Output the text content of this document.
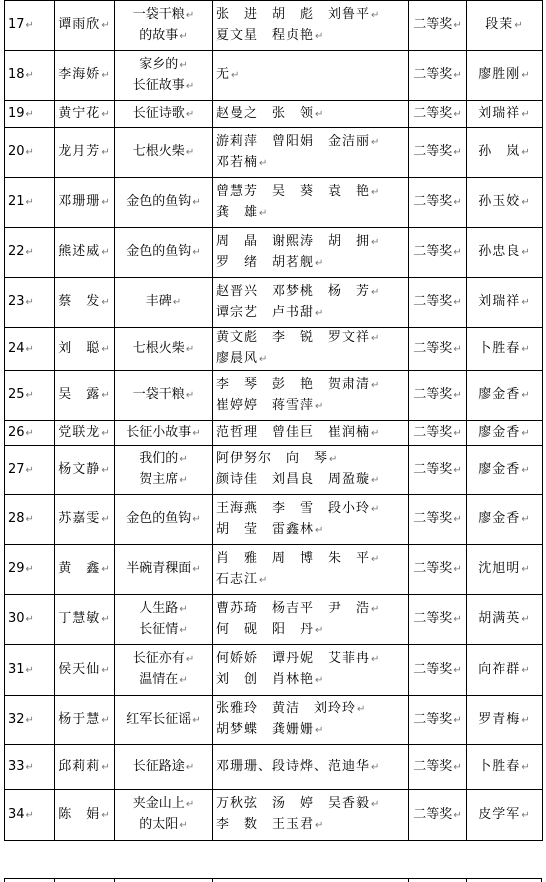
17↵	谭雨欣↵	一袋干粮↵
的故事↵	张　进　胡　彪　刘鲁平↵
夏文星　程贞艳↵	二等奖↵	段茉↵
18↵	李海娇↵	家乡的↵
长征故事↵	无↵	二等奖↵	廖胜刚↵
19↵	黄宁花↵	长征诗歌↵	赵曼之　张　领↵	二等奖↵	刘瑞祥↵
20↵	龙月芳↵	七根火柴↵	游莉萍　曾阳娟　金洁丽↵
邓若楠↵	二等奖↵	孙　岚↵
21↵	邓珊珊↵	金色的鱼钩↵	曾慧芳　吴　葵　袁　艳↵
龚　雄↵	二等奖↵	孙玉姣↵
22↵	熊述威↵	金色的鱼钩↵	周　晶　谢熙涛　胡　拥↵
罗　绪　胡茗舰↵	二等奖↵	孙忠良↵
23↵	蔡　发↵	丰碑↵	赵晋兴　邓梦桃　杨　芳↵
谭宗艺　卢书甜↵	二等奖↵	刘瑞祥↵
24↵	刘　聪↵	七根火柴↵	黄文彪　李　锐　罗文祥↵
廖晨风↵	二等奖↵	卜胜春↵
25↵	吴　露↵	一袋干粮↵	李　琴　彭　艳　贺肃清↵
崔婷婷　蒋雪萍↵	二等奖↵	廖金香↵
26↵	党联龙↵	长征小故事↵	范哲理　曾佳巨　崔润楠↵	二等奖↵	廖金香↵
27↵	杨文静↵	我们的↵
贺主席↵	阿伊努尔　向　琴↵
颜诗佳　刘昌良　周盈璇↵	二等奖↵	廖金香↵
28↵	苏嘉雯↵	金色的鱼钩↵	王海燕　李　雪　段小玲↵
胡　莹　雷鑫林↵	二等奖↵	廖金香↵
29↵	黄　鑫↵	半碗青稞面↵	肖　雅　周　博　朱　平↵
石志江↵	二等奖↵	沈旭明↵
30↵	丁慧敏↵	人生路↵
长征情↵	曹苏琦　杨吉平　尹　浩↵
何　砚　阳　丹↵	二等奖↵	胡满英↵
31↵	侯天仙↵	长征亦有↵
温情在↵	何娇娇　谭丹妮　艾菲冉↵
刘　创　肖林艳↵	二等奖↵	向祚群↵
32↵	杨于慧↵	红军长征谣↵	张雅玲　黄洁　刘玲玲↵
胡梦蝶　龚姗姗↵	二等奖↵	罗青梅↵
33↵	邱莉莉↵	长征路途↵	邓珊珊、段诗烨、范迪华↵	二等奖↵	卜胜春↵
34↵	陈　娟↵	夹金山上↵
的太阳↵	万秋弦　汤　婷　吴香毅↵
李　数　王玉君↵	二等奖↵	皮学军↵
